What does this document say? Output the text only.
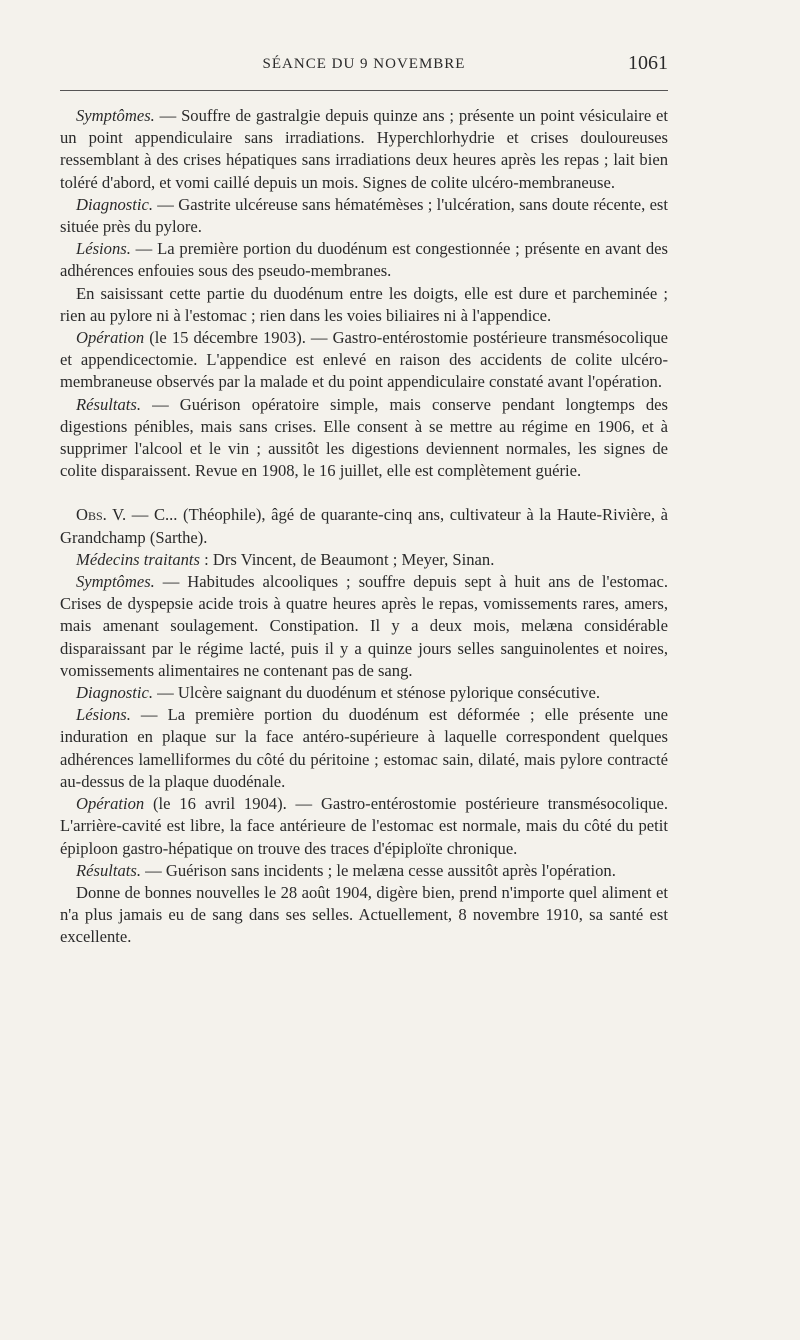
SÉANCE DU 9 NOVEMBRE	1061

Symptômes. — Souffre de gastralgie depuis quinze ans ; présente un point vésiculaire et un point appendiculaire sans irradiations. Hyperchlorhydrie et crises douloureuses ressemblant à des crises hépatiques sans irradiations deux heures après les repas ; lait bien toléré d'abord, et vomi caillé depuis un mois. Signes de colite ulcéro-membraneuse.

Diagnostic. — Gastrite ulcéreuse sans hématémèses ; l'ulcération, sans doute récente, est située près du pylore.

Lésions. — La première portion du duodénum est congestionnée ; présente en avant des adhérences enfouies sous des pseudo-membranes.

En saisissant cette partie du duodénum entre les doigts, elle est dure et parcheminée ; rien au pylore ni à l'estomac ; rien dans les voies biliaires ni à l'appendice.

Opération (le 15 décembre 1903). — Gastro-entérostomie postérieure transmésocolique et appendicectomie. L'appendice est enlevé en raison des accidents de colite ulcéro-membraneuse observés par la malade et du point appendiculaire constaté avant l'opération.

Résultats. — Guérison opératoire simple, mais conserve pendant longtemps des digestions pénibles, mais sans crises. Elle consent à se mettre au régime en 1906, et à supprimer l'alcool et le vin ; aussitôt les digestions deviennent normales, les signes de colite disparaissent. Revue en 1908, le 16 juillet, elle est complètement guérie.

Obs. V. — C... (Théophile), âgé de quarante-cinq ans, cultivateur à la Haute-Rivière, à Grandchamp (Sarthe).

Médecins traitants : Drs Vincent, de Beaumont ; Meyer, Sinan.

Symptômes. — Habitudes alcooliques ; souffre depuis sept à huit ans de l'estomac. Crises de dyspepsie acide trois à quatre heures après le repas, vomissements rares, amers, mais amenant soulagement. Constipation. Il y a deux mois, melæna considérable disparaissant par le régime lacté, puis il y a quinze jours selles sanguinolentes et noires, vomissements alimentaires ne contenant pas de sang.

Diagnostic. — Ulcère saignant du duodénum et sténose pylorique consécutive.

Lésions. — La première portion du duodénum est déformée ; elle présente une induration en plaque sur la face antéro-supérieure à laquelle correspondent quelques adhérences lamelliformes du côté du péritoine ; estomac sain, dilaté, mais pylore contracté au-dessus de la plaque duodénale.

Opération (le 16 avril 1904). — Gastro-entérostomie postérieure transmésocolique. L'arrière-cavité est libre, la face antérieure de l'estomac est normale, mais du côté du petit épiploon gastro-hépatique on trouve des traces d'épiploïte chronique.

Résultats. — Guérison sans incidents ; le melæna cesse aussitôt après l'opération.

Donne de bonnes nouvelles le 28 août 1904, digère bien, prend n'importe quel aliment et n'a plus jamais eu de sang dans ses selles. Actuellement, 8 novembre 1910, sa santé est excellente.
